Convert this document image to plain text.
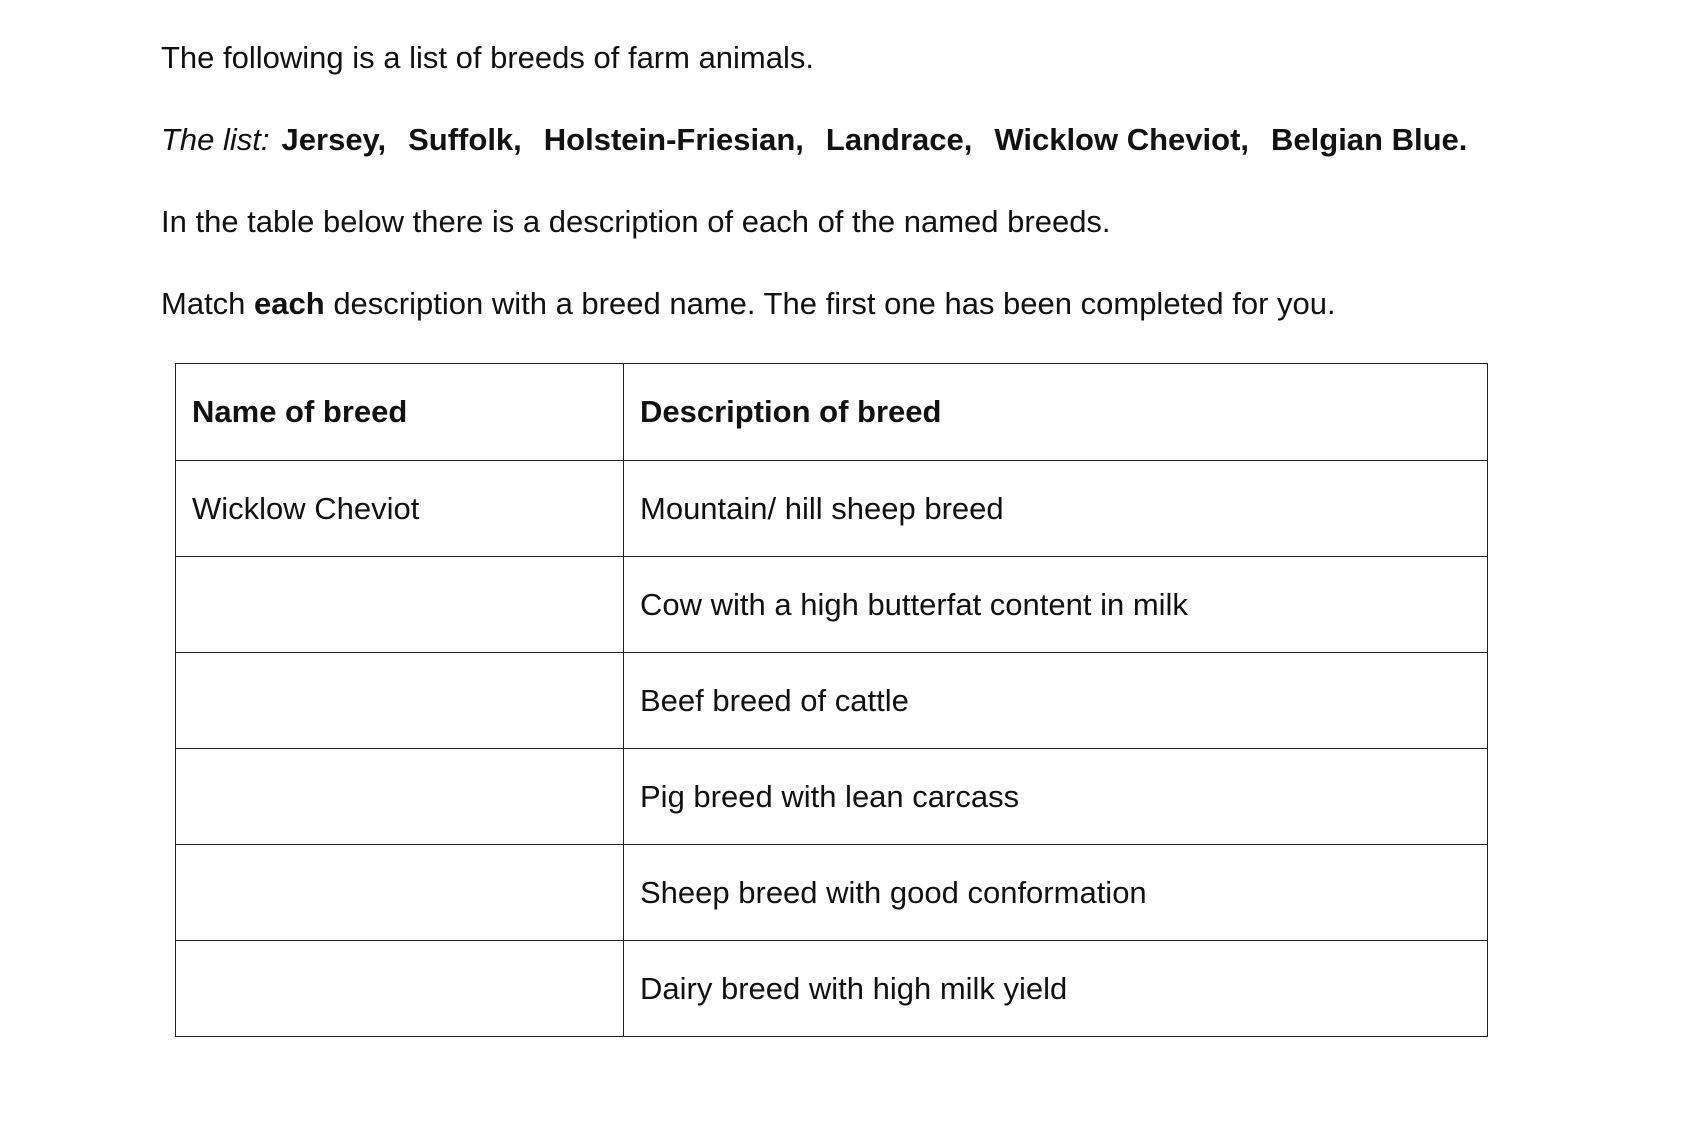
The following is a list of breeds of farm animals.

The list: Jersey, Suffolk, Holstein-Friesian, Landrace, Wicklow Cheviot, Belgian Blue.

In the table below there is a description of each of the named breeds.

Match each description with a breed name. The first one has been completed for you.

Name of breed	Description of breed
Wicklow Cheviot	Mountain/ hill sheep breed
	Cow with a high butterfat content in milk
	Beef breed of cattle
	Pig breed with lean carcass
	Sheep breed with good conformation
	Dairy breed with high milk yield
